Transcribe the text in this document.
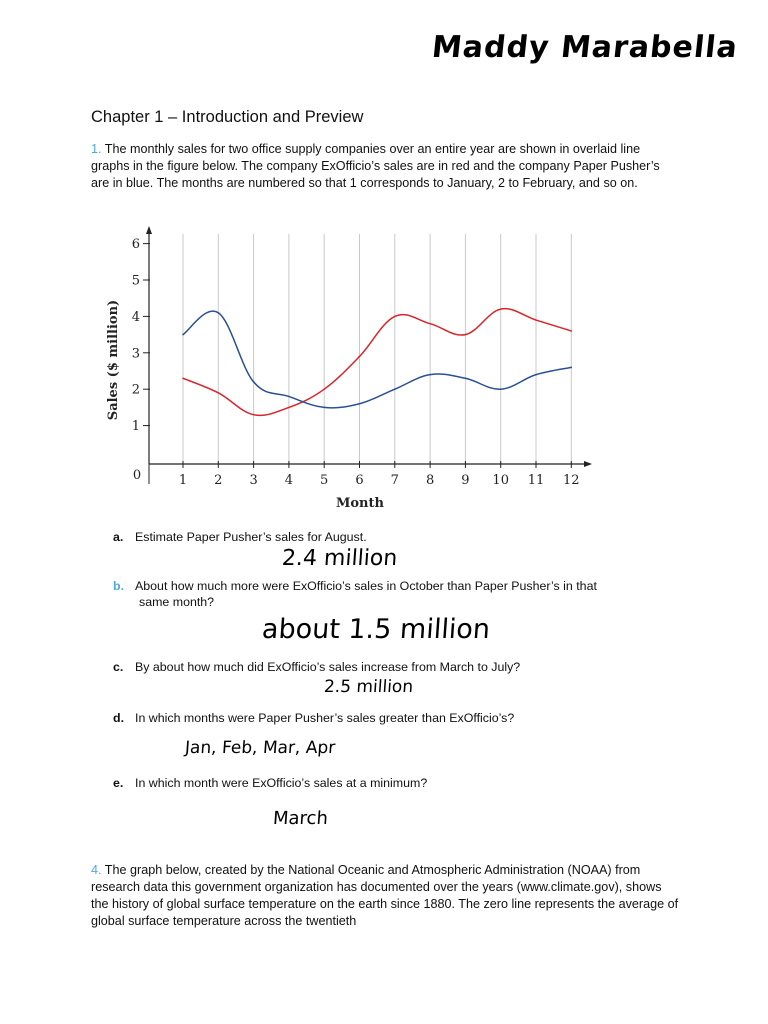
Maddy Marabella
Chapter 1 – Introduction and Preview
1. The monthly sales for two office supply companies over an entire year are shown in overlaid line graphs in the figure below. The company ExOfficio’s sales are in red and the company Paper Pusher’s are in blue. The months are numbered so that 1 corresponds to January, 2 to February, and so on.
1 2 3 4 5 6 7 8 9 10 11 12
0
1
2
3
4
5
6
Month
Sales ($ million)
a. Estimate Paper Pusher’s sales for August.
2.4 million
b. About how much more were ExOfficio’s sales in October than Paper Pusher’s in that
same month?
about 1.5 million
c. By about how much did ExOfficio’s sales increase from March to July?
2.5 million
d. In which months were Paper Pusher’s sales greater than ExOfficio’s?
Jan, Feb, Mar, Apr
e. In which month were ExOfficio’s sales at a minimum?
March
4. The graph below, created by the National Oceanic and Atmospheric Administration (NOAA) from research data this government organization has documented over the years (www.climate.gov), shows the history of global surface temperature on the earth since 1880. The zero line represents the average of global surface temperature across the twentieth
